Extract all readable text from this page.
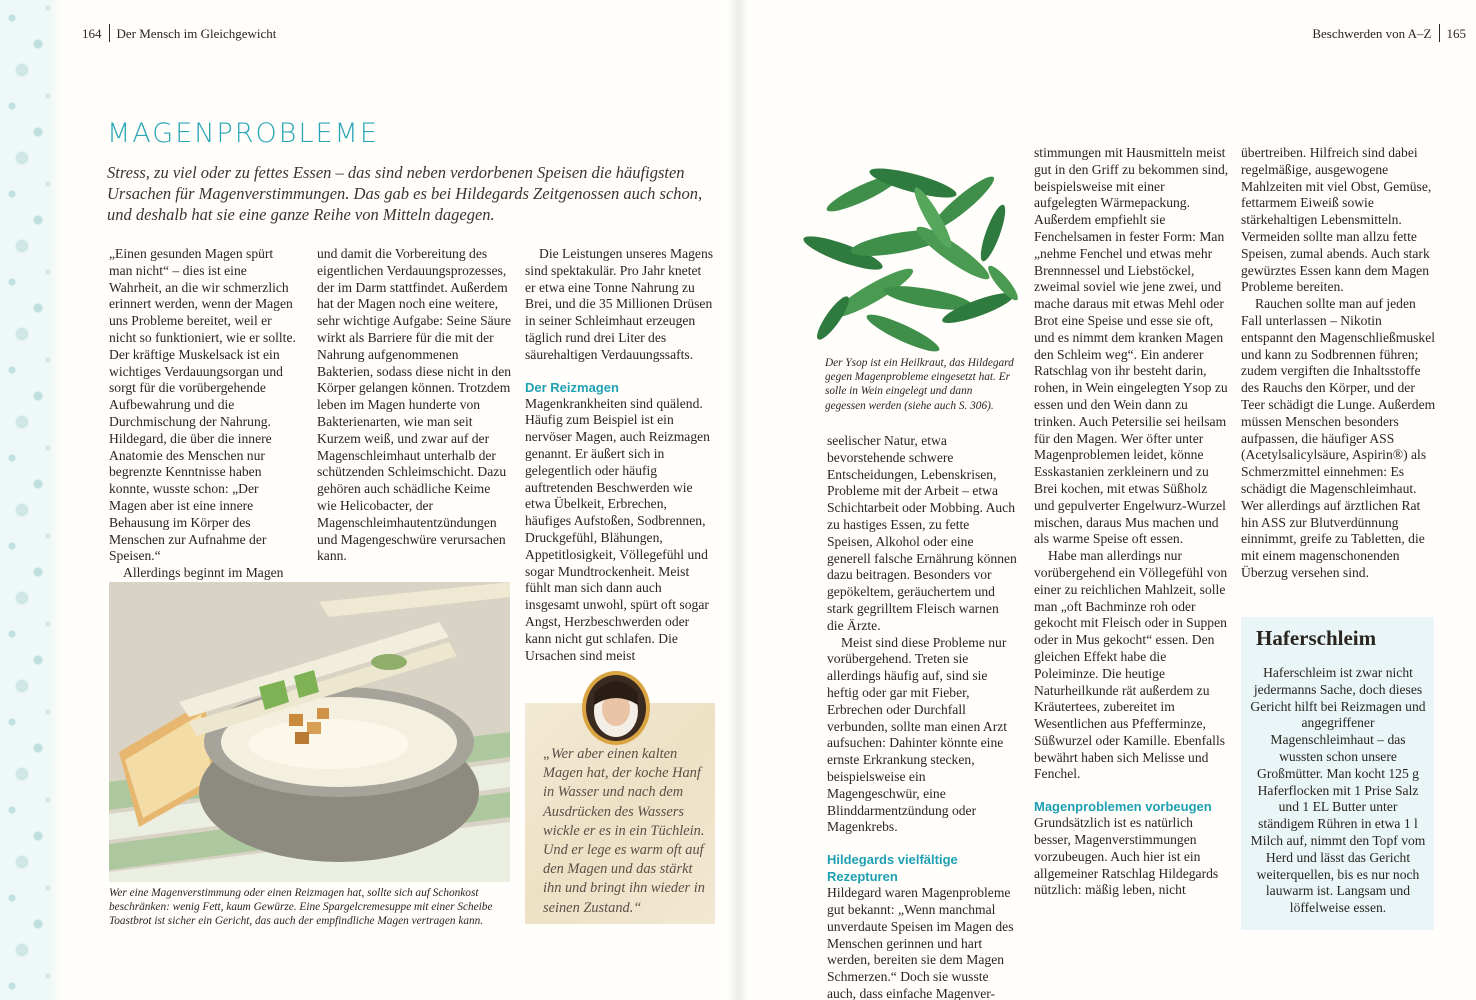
164 Der Mensch im Gleichgewicht	Beschwerden von A–Z 165
MAGENPROBLEME

Stress, zu viel oder zu fettes Essen – das sind neben verdorbenen Speisen die häufigsten Ursachen für Magenverstimmungen. Das gab es bei Hildegards Zeitgenossen auch schon, und deshalb hat sie eine ganze Reihe von Mitteln dagegen.

„Einen gesunden Magen spürt man nicht“ – dies ist eine Wahrheit, an die wir schmerzlich erinnert werden, wenn der Magen uns Probleme bereitet, weil er nicht so funktioniert, wie er sollte. Der kräftige Muskelsack ist ein wichtiges Verdauungsorgan und sorgt für die vorübergehende Aufbewahrung und die Durchmischung der Nahrung. Hildegard, die über die innere Anatomie des Menschen nur begrenzte Kenntnisse haben konnte, wusste schon: „Der Magen aber ist eine innere Behausung im Körper des Menschen zur Aufnahme der Speisen.“

Allerdings beginnt im Magen

und damit die Vorbereitung des eigentlichen Verdauungsprozesses, der im Darm stattfindet. Außerdem hat der Magen noch eine weitere, sehr wichtige Aufgabe: Seine Säure wirkt als Barriere für die mit der Nahrung aufgenommenen Bakterien, sodass diese nicht in den Körper gelangen können. Trotzdem leben im Magen hunderte von Bakterienarten, wie man seit Kurzem weiß, und zwar auf der Magenschleimhaut unterhalb der schützenden Schleimschicht. Dazu gehören auch schädliche Keime wie Helicobacter, der Magenschleimhautentzündungen und Magengeschwüre verursachen kann.

Die Leistungen unseres Magens sind spektakulär. Pro Jahr knetet er etwa eine Tonne Nahrung zu Brei, und die 35 Millionen Drüsen in seiner Schleimhaut erzeugen täglich rund drei Liter des säurehaltigen Verdauungssafts.

Der Reizmagen

Magenkrankheiten sind quälend. Häufig zum Beispiel ist ein nervöser Magen, auch Reizmagen genannt. Er äußert sich in gelegentlich oder häufig auftretenden Beschwerden wie etwa Übelkeit, Erbrechen, häufiges Aufstoßen, Sodbrennen, Druckgefühl, Blähungen, Appetitlosigkeit, Völlegefühl und sogar Mundtrockenheit. Meist fühlt man sich dann auch insgesamt unwohl, spürt oft sogar Angst, Herzbeschwerden oder kann nicht gut schlafen. Die Ursachen sind meist

Wer eine Magenverstimmung oder einen Reizmagen hat, sollte sich auf Schonkost beschränken: wenig Fett, kaum Gewürze. Eine Spargelcremesuppe mit einer Scheibe Toastbrot ist sicher ein Gericht, das auch der empfindliche Magen vertragen kann.

„Wer aber einen kalten Magen hat, der koche Hanf in Wasser und nach dem Ausdrücken des Wassers wickle er es in ein Tüchlein. Und er lege es warm oft auf den Magen und das stärkt ihn und bringt ihn wieder in seinen Zustand.“

Der Ysop ist ein Heilkraut, das Hildegard gegen Magenprobleme eingesetzt hat. Er solle in Wein eingelegt und dann gegessen werden (siehe auch S. 306).

seelischer Natur, etwa bevorstehende schwere Entscheidungen, Lebenskrisen, Probleme mit der Arbeit – etwa Schichtarbeit oder Mobbing. Auch zu hastiges Essen, zu fette Speisen, Alkohol oder eine generell falsche Ernährung können dazu beitragen. Besonders vor gepökeltem, geräuchertem und stark gegrilltem Fleisch warnen die Ärzte.

Meist sind diese Probleme nur vorübergehend. Treten sie allerdings häufig auf, sind sie heftig oder gar mit Fieber, Erbrechen oder Durchfall verbunden, sollte man einen Arzt aufsuchen: Dahinter könnte eine ernste Erkrankung stecken, beispielsweise ein Magengeschwür, eine Blinddarmentzündung oder Magenkrebs.

Hildegards vielfältige Rezepturen

Hildegard waren Magenprobleme gut bekannt: „Wenn manchmal unverdaute Speisen im Magen des Menschen gerinnen und hart werden, bereiten sie dem Magen Schmerzen.“ Doch sie wusste auch, dass einfache Magenver-

stimmungen mit Hausmitteln meist gut in den Griff zu bekommen sind, beispielsweise mit einer aufgelegten Wärmepackung. Außerdem empfiehlt sie Fenchelsamen in fester Form: Man „nehme Fenchel und etwas mehr Brennnessel und Liebstöckel, zweimal soviel wie jene zwei, und mache daraus mit etwas Mehl oder Brot eine Speise und esse sie oft, und es nimmt dem kranken Magen den Schleim weg“. Ein anderer Ratschlag von ihr besteht darin, rohen, in Wein eingelegten Ysop zu essen und den Wein dann zu trinken. Auch Petersilie sei heilsam für den Magen. Wer öfter unter Magenproblemen leidet, könne Esskastanien zerkleinern und zu Brei kochen, mit etwas Süßholz und gepulverter Engelwurz-Wurzel mischen, daraus Mus machen und als warme Speise oft essen.

Habe man allerdings nur vorübergehend ein Völlegefühl von einer zu reichlichen Mahlzeit, solle man „oft Bachminze roh oder gekocht mit Fleisch oder in Suppen oder in Mus gekocht“ essen. Den gleichen Effekt habe die Poleiminze. Die heutige Naturheilkunde rät außerdem zu Kräutertees, zubereitet im Wesentlichen aus Pfefferminze, Süßwurzel oder Kamille. Ebenfalls bewährt haben sich Melisse und Fenchel.

Magenproblemen vorbeugen

Grundsätzlich ist es natürlich besser, Magenverstimmungen vorzubeugen. Auch hier ist ein allgemeiner Ratschlag Hildegards nützlich: mäßig leben, nicht

übertreiben. Hilfreich sind dabei regelmäßige, ausgewogene Mahlzeiten mit viel Obst, Gemüse, fettarmem Eiweiß sowie stärkehaltigen Lebensmitteln. Vermeiden sollte man allzu fette Speisen, zumal abends. Auch stark gewürztes Essen kann dem Magen Probleme bereiten.

Rauchen sollte man auf jeden Fall unterlassen – Nikotin entspannt den Magenschließmuskel und kann zu Sodbrennen führen; zudem vergiften die Inhaltsstoffe des Rauchs den Körper, und der Teer schädigt die Lunge. Außerdem müssen Menschen besonders aufpassen, die häufiger ASS (Acetylsalicylsäure, Aspirin®) als Schmerzmittel einnehmen: Es schädigt die Magenschleimhaut. Wer allerdings auf ärztlichen Rat hin ASS zur Blutverdünnung einnimmt, greife zu Tabletten, die mit einem magenschonenden Überzug versehen sind.

Haferschleim

Haferschleim ist zwar nicht jedermanns Sache, doch dieses Gericht hilft bei Reizmagen und angegriffener Magenschleimhaut – das wussten schon unsere Großmütter. Man kocht 125 g Haferflocken mit 1 Prise Salz und 1 EL Butter unter ständigem Rühren in etwa 1 l Milch auf, nimmt den Topf vom Herd und lässt das Gericht weiterquellen, bis es nur noch lauwarm ist. Langsam und löffelweise essen.
